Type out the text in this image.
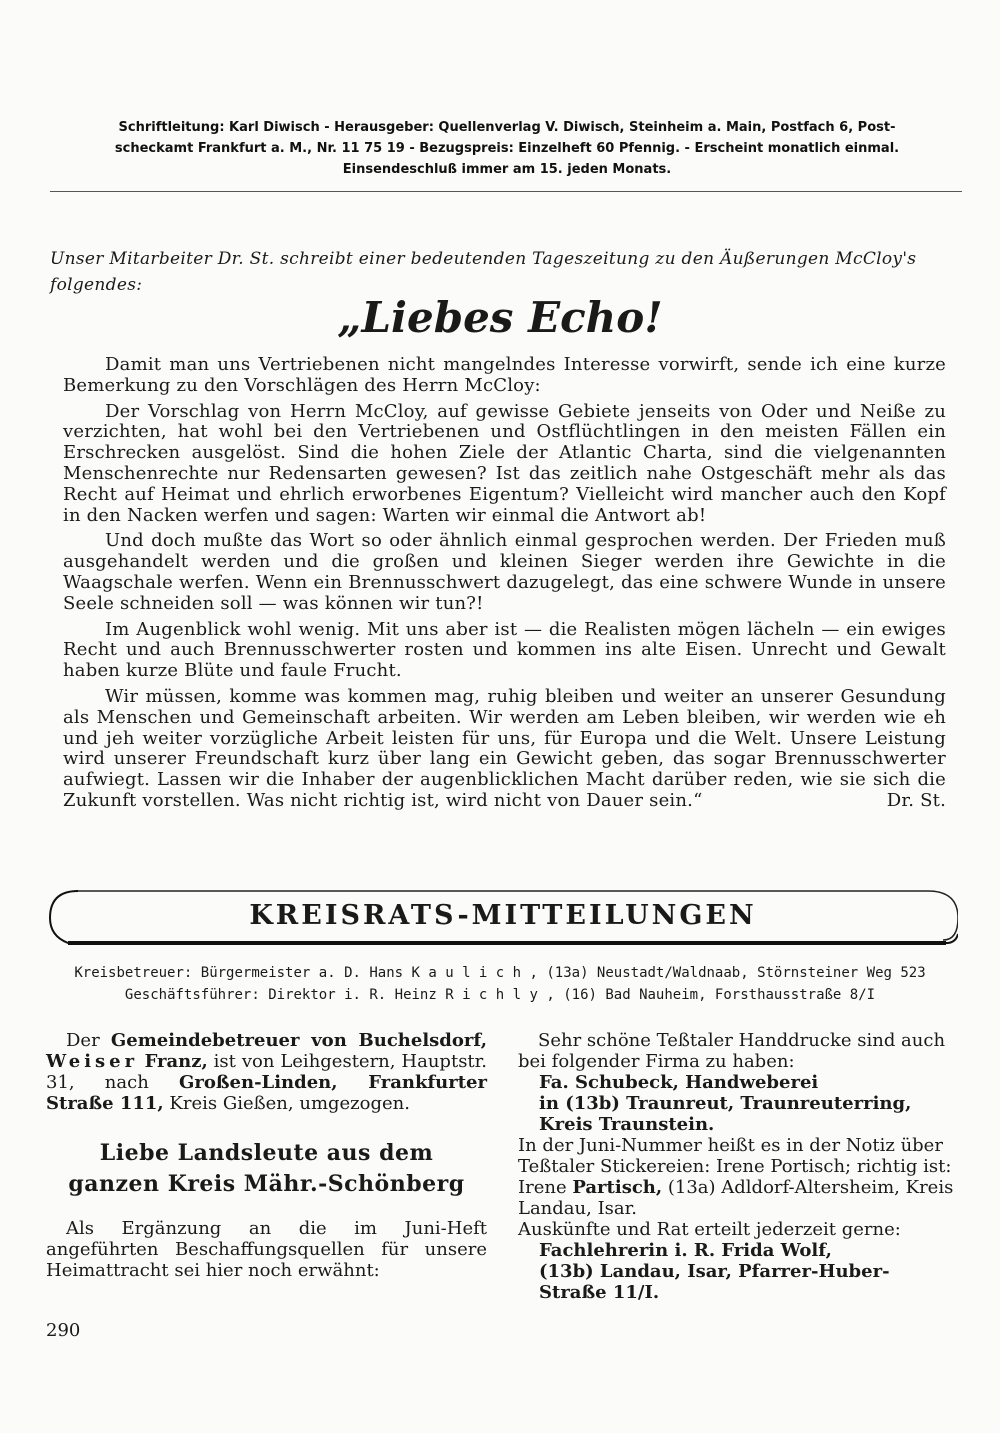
Schriftleitung: Karl Diwisch - Herausgeber: Quellenverlag V. Diwisch, Steinheim a. Main, Postfach 6, Post-
scheckamt Frankfurt a. M., Nr. 11 75 19 - Bezugspreis: Einzelheft 60 Pfennig. - Erscheint monatlich einmal.
Einsendeschluß immer am 15. jeden Monats.
Unser Mitarbeiter Dr. St. schreibt einer bedeutenden Tageszeitung zu den Äußerungen McCloy's folgendes:
„Liebes Echo!

Damit man uns Vertriebenen nicht mangelndes Interesse vorwirft, sende ich eine kurze Bemerkung zu den Vorschlägen des Herrn McCloy:

Der Vorschlag von Herrn McCloy, auf gewisse Gebiete jenseits von Oder und Neiße zu verzichten, hat wohl bei den Vertriebenen und Ostflüchtlingen in den meisten Fällen ein Erschrecken ausgelöst. Sind die hohen Ziele der Atlantic Charta, sind die vielgenannten Menschenrechte nur Redensarten gewesen? Ist das zeitlich nahe Ostgeschäft mehr als das Recht auf Heimat und ehrlich erworbenes Eigentum? Vielleicht wird mancher auch den Kopf in den Nacken werfen und sagen: Warten wir einmal die Antwort ab!

Und doch mußte das Wort so oder ähnlich einmal gesprochen werden. Der Frieden muß ausgehandelt werden und die großen und kleinen Sieger werden ihre Gewichte in die Waagschale werfen. Wenn ein Brennusschwert dazugelegt, das eine schwere Wunde in unsere Seele schneiden soll — was können wir tun?!

Im Augenblick wohl wenig. Mit uns aber ist — die Realisten mögen lächeln — ein ewiges Recht und auch Brennusschwerter rosten und kommen ins alte Eisen. Unrecht und Gewalt haben kurze Blüte und faule Frucht.

Wir müssen, komme was kommen mag, ruhig bleiben und weiter an unserer Gesundung als Menschen und Gemeinschaft arbeiten. Wir werden am Leben bleiben, wir werden wie eh und jeh weiter vorzügliche Arbeit leisten für uns, für Europa und die Welt. Unsere Leistung wird unserer Freundschaft kurz über lang ein Gewicht geben, das sogar Brennusschwerter aufwiegt. Lassen wir die Inhaber der augenblicklichen Macht darüber reden, wie sie sich die Zukunft vorstellen. Was nicht richtig ist, wird nicht von Dauer sein.“	Dr. St.

KREISRATS-MITTEILUNGEN
Kreisbetreuer: Bürgermeister a. D. Hans K a u l i c h , (13a) Neustadt/Waldnaab, Störnsteiner Weg 523
Geschäftsführer: Direktor i. R. Heinz R i c h l y , (16) Bad Nauheim, Forsthausstraße 8/I

Der Gemeindebetreuer von Buchelsdorf, Weiser Franz, ist von Leihgestern, Hauptstr. 31, nach Großen-Linden, Frankfurter Straße 111, Kreis Gießen, umgezogen.

Liebe Landsleute aus dem
ganzen Kreis Mähr.-Schönberg

Als Ergänzung an die im Juni-Heft angeführten Beschaffungsquellen für unsere Heimattracht sei hier noch erwähnt:

Sehr schöne Teßtaler Handdrucke sind auch bei folgender Firma zu haben:

Fa. Schubeck, Handweberei
in (13b) Traunreut, Traunreuterring,
Kreis Traunstein.

In der Juni-Nummer heißt es in der Notiz über Teßtaler Stickereien: Irene Portisch; richtig ist: Irene Partisch, (13a) Adldorf-Altersheim, Kreis Landau, Isar.

Auskünfte und Rat erteilt jederzeit gerne:

Fachlehrerin i. R. Frida Wolf,
(13b) Landau, Isar, Pfarrer-Huber-
Straße 11/I.

290
